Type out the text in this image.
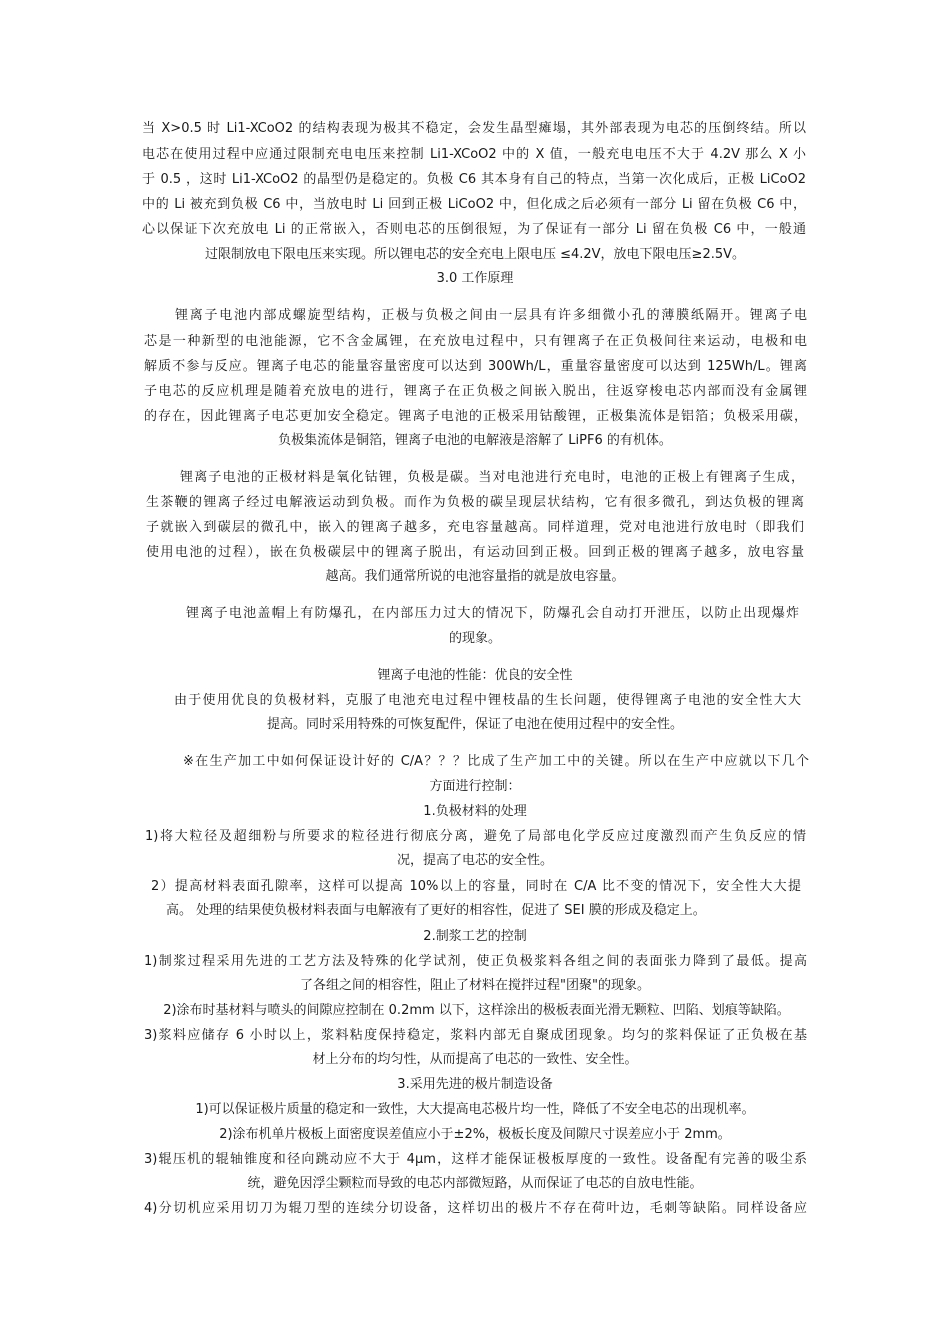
当 X>0.5 时 Li1-XCoO2 的结构表现为极其不稳定，会发生晶型瘫塌，其外部表现为电芯的压倒终结。所以
电芯在使用过程中应通过限制充电电压来控制 Li1-XCoO2 中的 X 值，一般充电电压不大于 4.2V 那么 X 小
于 0.5 ，这时 Li1-XCoO2 的晶型仍是稳定的。负极 C6 其本身有自己的特点，当第一次化成后，正极 LiCoO2
中的 Li 被充到负极 C6 中，当放电时 Li 回到正极 LiCoO2 中，但化成之后必须有一部分 Li 留在负极 C6 中，
心以保证下次充放电 Li 的正常嵌入，否则电芯的压倒很短，为了保证有一部分 Li 留在负极 C6 中，一般通
过限制放电下限电压来实现。所以锂电芯的安全充电上限电压 ≤4.2V，放电下限电压≥2.5V。
3.0 工作原理
锂离子电池内部成螺旋型结构，正极与负极之间由一层具有许多细微小孔的薄膜纸隔开。锂离子电
芯是一种新型的电池能源，它不含金属锂，在充放电过程中，只有锂离子在正负极间往来运动，电极和电
解质不参与反应。锂离子电芯的能量容量密度可以达到 300Wh/L，重量容量密度可以达到 125Wh/L。锂离
子电芯的反应机理是随着充放电的进行，锂离子在正负极之间嵌入脱出，往返穿梭电芯内部而没有金属锂
的存在，因此锂离子电芯更加安全稳定。锂离子电池的正极采用钴酸锂，正极集流体是铝箔；负极采用碳，
负极集流体是铜箔，锂离子电池的电解液是溶解了 LiPF6 的有机体。
锂离子电池的正极材料是氧化钴锂，负极是碳。当对电池进行充电时，电池的正极上有锂离子生成，
生茶鞭的锂离子经过电解液运动到负极。而作为负极的碳呈现层状结构，它有很多微孔，到达负极的锂离
子就嵌入到碳层的微孔中，嵌入的锂离子越多，充电容量越高。同样道理，党对电池进行放电时（即我们
使用电池的过程），嵌在负极碳层中的锂离子脱出，有运动回到正极。回到正极的锂离子越多，放电容量
越高。我们通常所说的电池容量指的就是放电容量。
锂离子电池盖帽上有防爆孔，在内部压力过大的情况下，防爆孔会自动打开泄压，以防止出现爆炸
的现象。
锂离子电池的性能：优良的安全性
由于使用优良的负极材料，克服了电池充电过程中锂枝晶的生长问题，使得锂离子电池的安全性大大
提高。同时采用特殊的可恢复配件，保证了电池在使用过程中的安全性。
※在生产加工中如何保证设计好的 C/A？？？比成了生产加工中的关键。所以在生产中应就以下几个
方面进行控制：
1.负极材料的处理
1)将大粒径及超细粉与所要求的粒径进行彻底分离，避免了局部电化学反应过度激烈而产生负反应的情
况，提高了电芯的安全性。
2）提高材料表面孔隙率，这样可以提高 10%以上的容量，同时在 C/A 比不变的情况下，安全性大大提
高。 处理的结果使负极材料表面与电解液有了更好的相容性，促进了 SEI 膜的形成及稳定上。
2.制浆工艺的控制
1)制浆过程采用先进的工艺方法及特殊的化学试剂，使正负极浆料各组之间的表面张力降到了最低。提高
了各组之间的相容性，阻止了材料在搅拌过程"团聚"的现象。
2)涂布时基材料与喷头的间隙应控制在 0.2mm 以下，这样涂出的极板表面光滑无颗粒、凹陷、划痕等缺陷。
3)浆料应储存 6 小时以上，浆料粘度保持稳定，浆料内部无自聚成团现象。均匀的浆料保证了正负极在基
材上分布的均匀性，从而提高了电芯的一致性、安全性。
3.采用先进的极片制造设备
1)可以保证极片质量的稳定和一致性，大大提高电芯极片均一性，降低了不安全电芯的出现机率。
2)涂布机单片极板上面密度误差值应小于±2%，极板长度及间隙尺寸误差应小于 2mm。
3)辊压机的辊轴锥度和径向跳动应不大于 4μm，这样才能保证极板厚度的一致性。设备配有完善的吸尘系
统，避免因浮尘颗粒而导致的电芯内部微短路，从而保证了电芯的自放电性能。
4)分切机应采用切刀为辊刀型的连续分切设备，这样切出的极片不存在荷叶边，毛刺等缺陷。同样设备应
